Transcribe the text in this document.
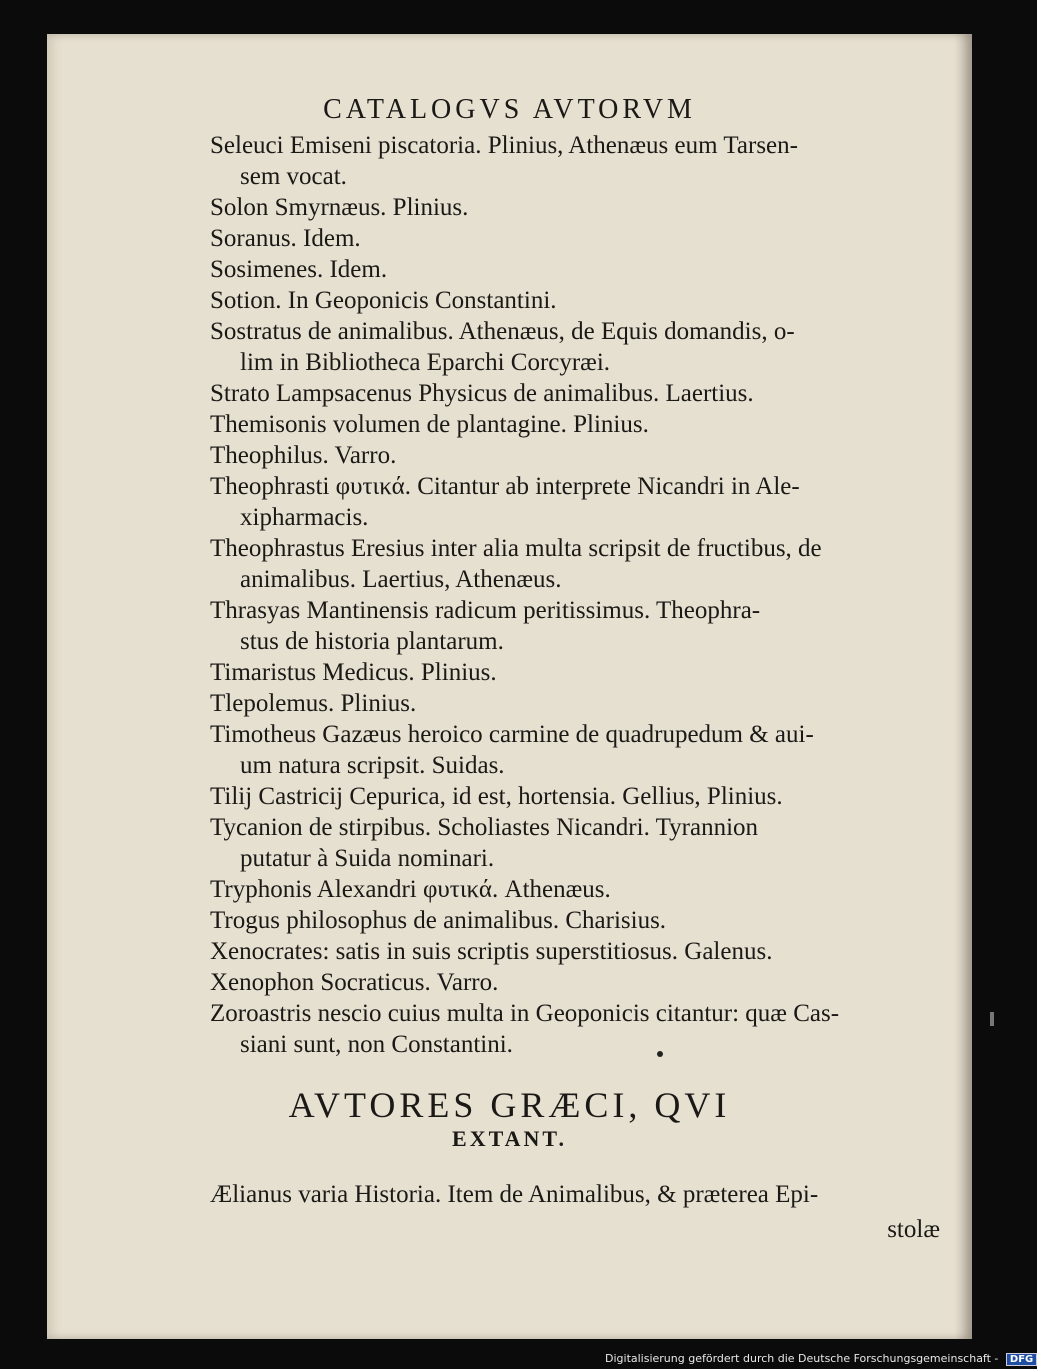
CATALOGVS AVTORVM
Seleuci Emiseni piscatoria. Plinius, Athenæus eum Tarsen-
sem vocat.
Solon Smyrnæus. Plinius.
Soranus. Idem.
Sosimenes. Idem.
Sotion. In Geoponicis Constantini.
Sostratus de animalibus. Athenæus, de Equis domandis, o-
lim in Bibliotheca Eparchi Corcyræi.
Strato Lampsacenus Physicus de animalibus. Laertius.
Themisonis volumen de plantagine. Plinius.
Theophilus. Varro.
Theophrasti φυτικά. Citantur ab interprete Nicandri in Ale-
xipharmacis.
Theophrastus Eresius inter alia multa scripsit de fructibus, de
animalibus. Laertius, Athenæus.
Thrasyas Mantinensis radicum peritissimus. Theophra-
stus de historia plantarum.
Timaristus Medicus. Plinius.
Tlepolemus. Plinius.
Timotheus Gazæus heroico carmine de quadrupedum & aui-
um natura scripsit. Suidas.
Tilij Castricij Cepurica, id est, hortensia. Gellius, Plinius.
Tycanion de stirpibus. Scholiastes Nicandri. Tyrannion
putatur à Suida nominari.
Tryphonis Alexandri φυτικά. Athenæus.
Trogus philosophus de animalibus. Charisius.
Xenocrates: satis in suis scriptis superstitiosus. Galenus.
Xenophon Socraticus. Varro.
Zoroastris nescio cuius multa in Geoponicis citantur: quæ Cas-
siani sunt, non Constantini.
AVTORES GRÆCI, QVI
EXTANT.
Ælianus varia Historia. Item de Animalibus, & præterea Epi-
stolæ
Digitalisierung gefördert durch die Deutsche Forschungsgemeinschaft - DFG
